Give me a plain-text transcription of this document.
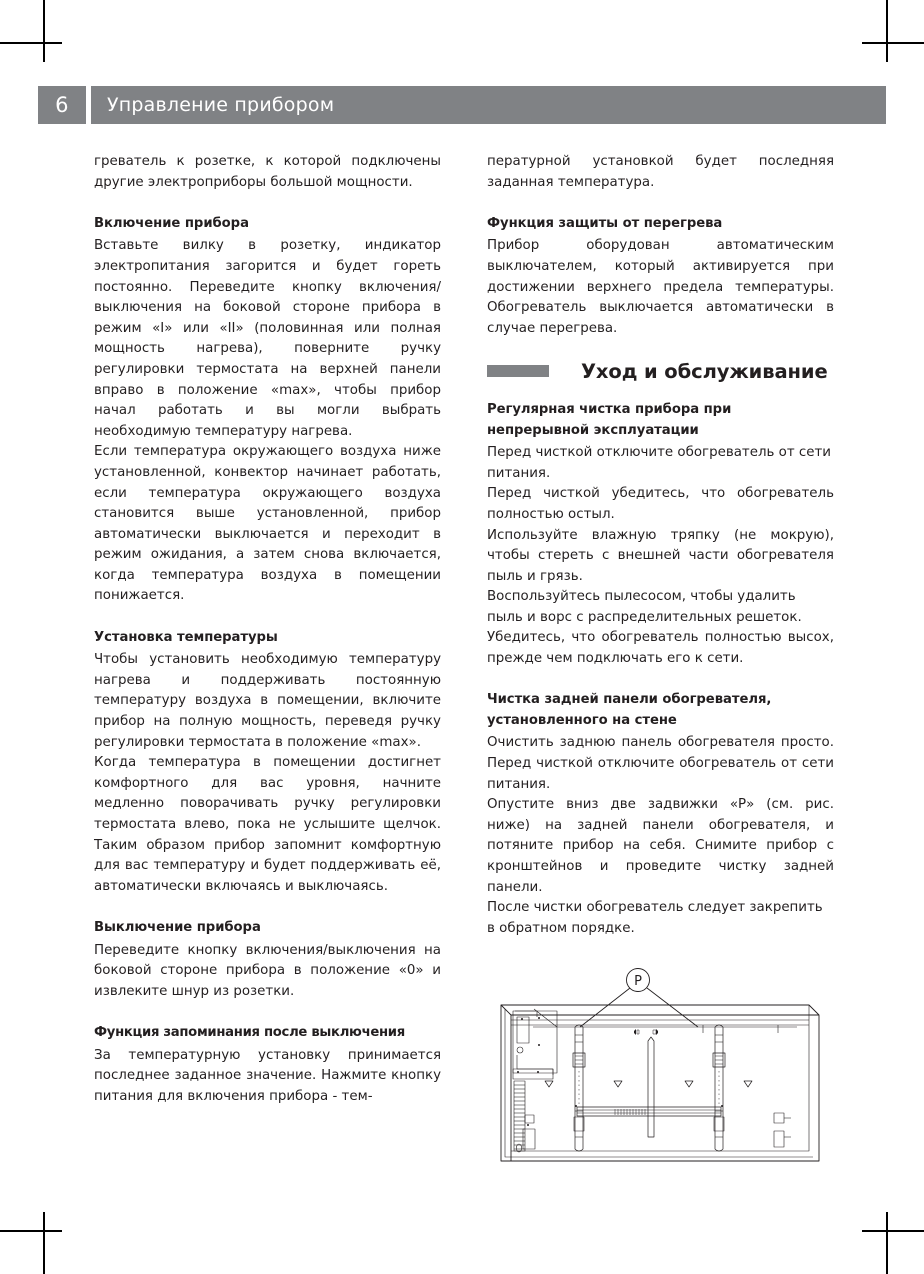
6	Управление прибором

греватель к розетке, к которой подключены другие электроприборы большой мощности.

Включение прибора

Вставьте вилку в розетку, индикатор электропитания загорится и будет гореть постоянно. Переведите кнопку включения/выключения на боковой стороне прибора в режим «I» или «II» (половинная или полная мощность нагрева), поверните ручку регулировки термостата на верхней панели вправо в положение «max», чтобы прибор начал работать и вы могли выбрать необходимую температуру нагрева.

Если температура окружающего воздуха ниже установленной, конвектор начинает работать, если температура окружающего воздуха становится выше установленной, прибор автоматически выключается и переходит в режим ожидания, а затем снова включается, когда температура воздуха в помещении понижается.

Установка температуры

Чтобы установить необходимую температуру нагрева и поддерживать постоянную температуру воздуха в помещении, включите прибор на полную мощность, переведя ручку регулировки термостата в положение «max».

Когда температура в помещении достигнет комфортного для вас уровня, начните медленно поворачивать ручку регулировки термостата влево, пока не услышите щелчок. Таким образом прибор запомнит комфортную для вас температуру и будет поддерживать её, автоматически включаясь и выключаясь.

Выключение прибора

Переведите кнопку включения/выключения на боковой стороне прибора в положение «0» и извлеките шнур из розетки.

Функция запоминания после выключения

За температурную установку принимается последнее заданное значение. Нажмите кнопку питания для включения прибора - тем-

пературной установкой будет последняя заданная температура.

Функция защиты от перегрева

Прибор оборудован автоматическим выключателем, который активируется при достижении верхнего предела температуры. Обогреватель выключается автоматически в случае перегрева.

Уход и обслуживание
Регулярная чистка прибора при непрерывной эксплуатации

Перед чисткой отключите обогреватель от сети питания.

Перед чисткой убедитесь, что обогреватель полностью остыл.

Используйте влажную тряпку (не мокрую), чтобы стереть с внешней части обогревателя пыль и грязь.

Воспользуйтесь пылесосом, чтобы удалить пыль и ворс с распределительных решеток.

Убедитесь, что обогреватель полностью высох, прежде чем подключать его к сети.

Чистка задней панели обогревателя, установленного на стене

Очистить заднюю панель обогревателя просто. Перед чисткой отключите обогреватель от сети питания.

Опустите вниз две задвижки «P» (см. рис. ниже) на задней панели обогревателя, и потяните прибор на себя. Снимите прибор с кронштейнов и проведите чистку задней панели.

После чистки обогреватель следует закрепить в обратном порядке.

P
